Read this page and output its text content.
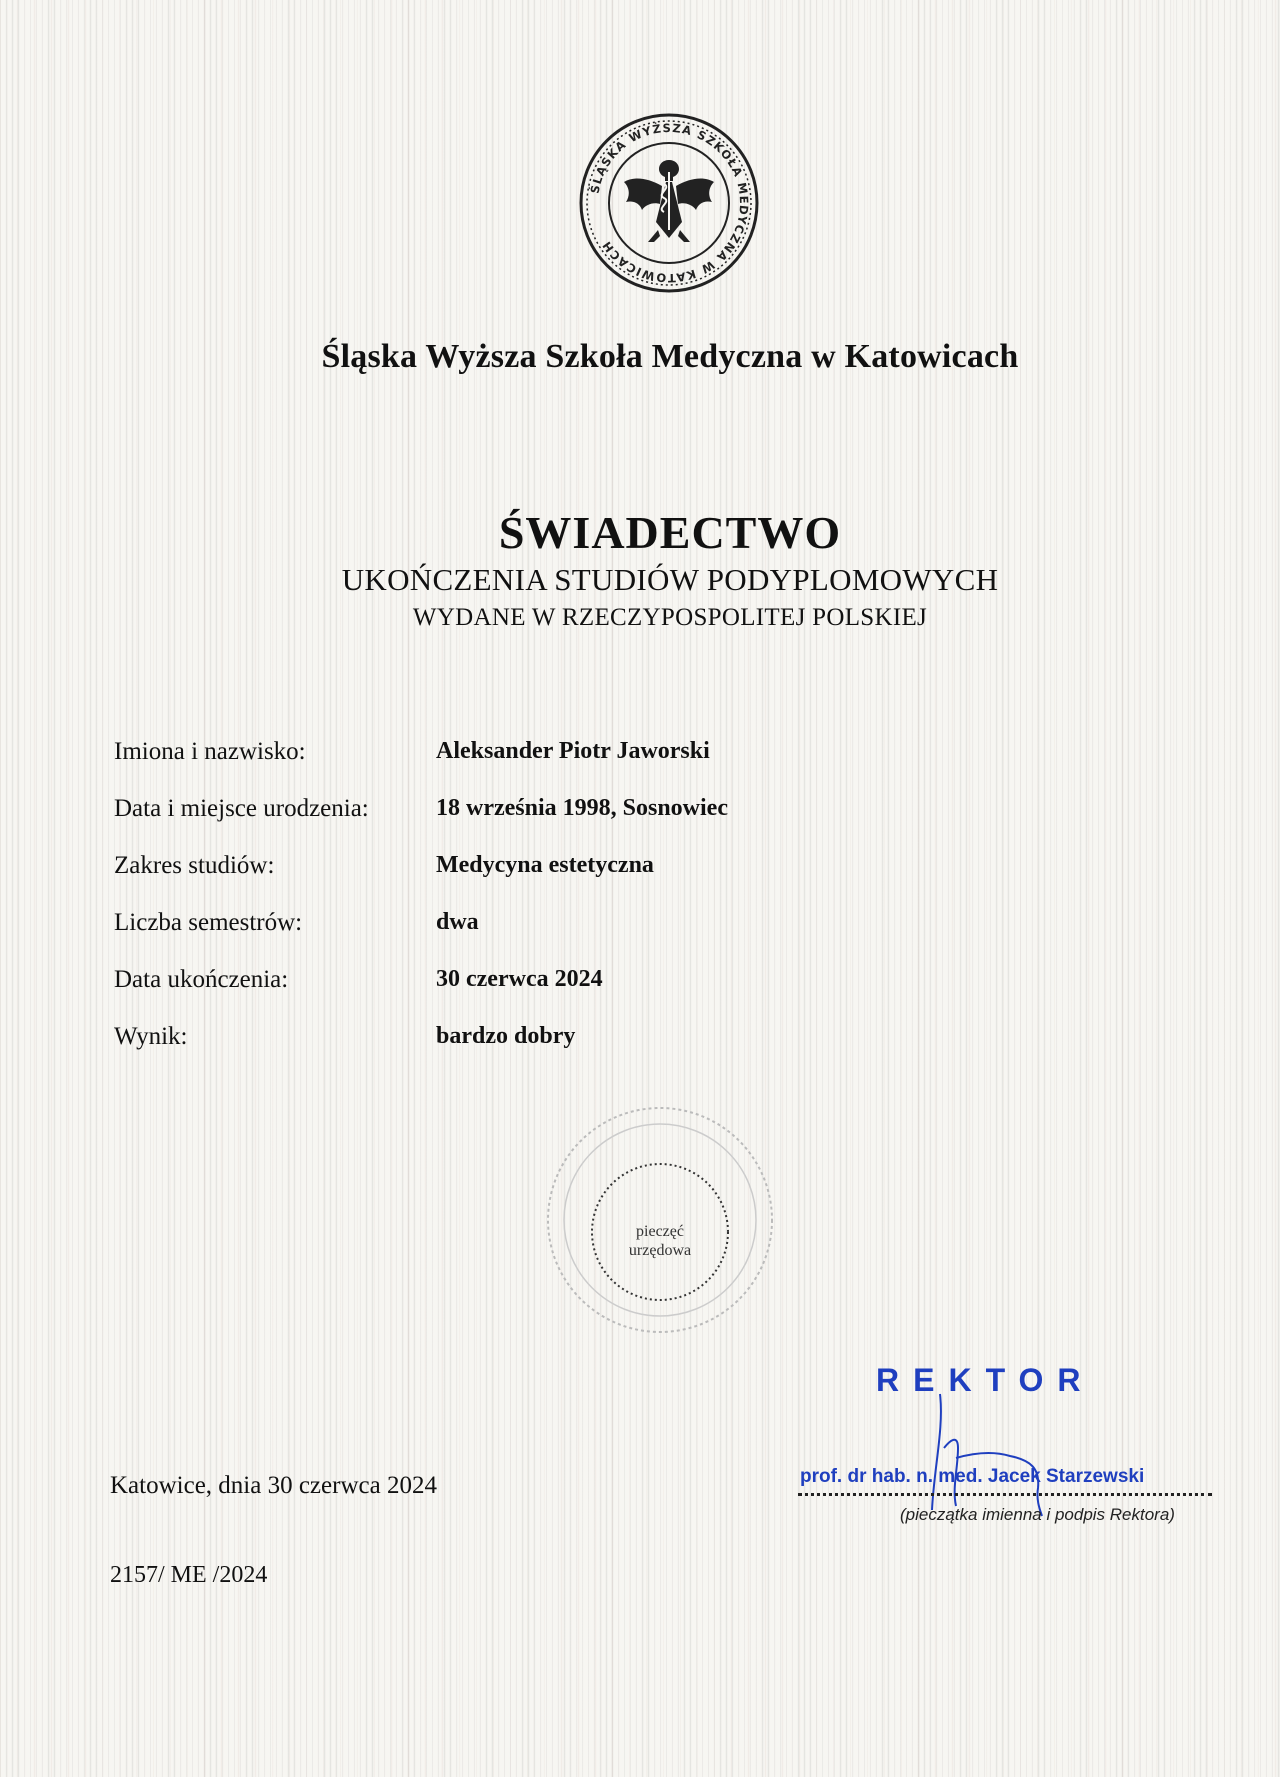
ŚLĄSKA WYŻSZA SZKOŁA MEDYCZNA W KATOWICACH
Śląska Wyższa Szkoła Medyczna w Katowicach
ŚWIADECTWO
UKOŃCZENIA STUDIÓW PODYPLOMOWYCH
WYDANE W RZECZYPOSPOLITEJ POLSKIEJ
Imiona i nazwisko:	Aleksander Piotr Jaworski
Data i miejsce urodzenia:	18 września 1998, Sosnowiec
Zakres studiów:	Medycyna estetyczna
Liczba semestrów:	dwa
Data ukończenia:	30 czerwca 2024
Wynik:	bardzo dobry
pieczęć
urzędowa
REKTOR
prof. dr hab. n. med. Jacek Starzewski
(pieczątka imienna i podpis Rektora)
Katowice, dnia 30 czerwca 2024
2157/ ME /2024
